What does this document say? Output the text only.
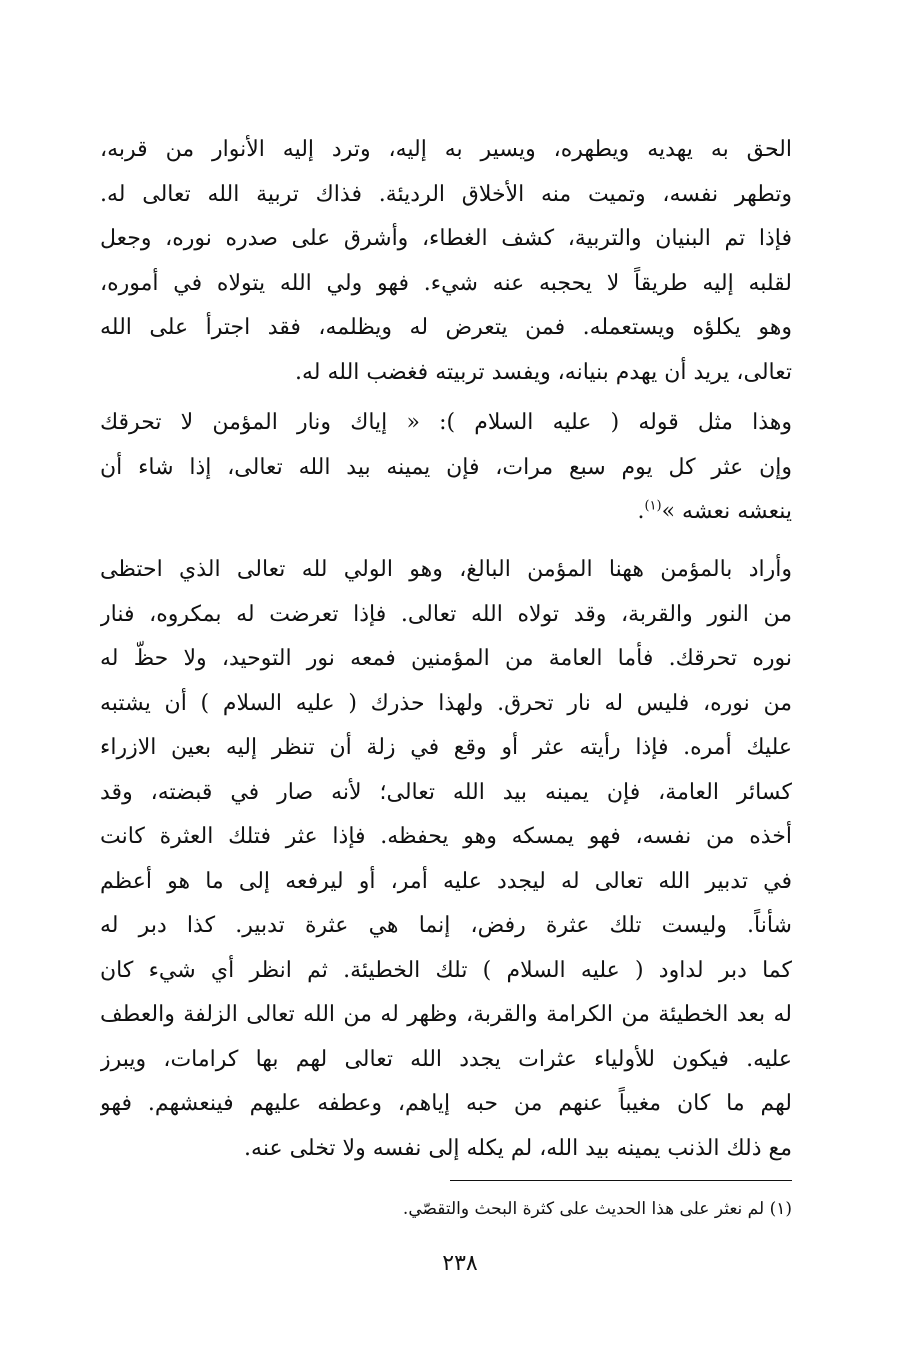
الحق به يهديه ويطهره، ويسير به إليه، وترد إليه الأنوار من قربه،
وتطهر نفسه، وتميت منه الأخلاق الرديئة. فذاك تربية الله تعالى له.
فإذا تم البنيان والتربية، كشف الغطاء، وأشرق على صدره نوره، وجعل
لقلبه إليه طريقاً لا يحجبه عنه شيء. فهو ولي الله يتولاه في أموره،
وهو يكلؤه ويستعمله. فمن يتعرض له ويظلمه، فقد اجترأ على الله
تعالى، يريد أن يهدم بنيانه، ويفسد تربيته فغضب الله له.
وهذا مثل قوله ( عليه السلام ): « إياك ونار المؤمن لا تحرقك
وإن عثر كل يوم سبع مرات، فإن يمينه بيد الله تعالى، إذا شاء أن
ينعشه نعشه »$^{(١)}$.
وأراد بالمؤمن ههنا المؤمن البالغ، وهو الولي لله تعالى الذي احتظى
من النور والقربة، وقد تولاه الله تعالى. فإذا تعرضت له بمكروه، فنار
نوره تحرقك. فأما العامة من المؤمنين فمعه نور التوحيد، ولا حظّ له
من نوره، فليس له نار تحرق. ولهذا حذرك ( عليه السلام ) أن يشتبه
عليك أمره. فإذا رأيته عثر أو وقع في زلة أن تنظر إليه بعين الازراء
كسائر العامة، فإن يمينه بيد الله تعالى؛ لأنه صار في قبضته، وقد
أخذه من نفسه، فهو يمسكه وهو يحفظه. فإذا عثر فتلك العثرة كانت
في تدبير الله تعالى له ليجدد عليه أمر، أو ليرفعه إلى ما هو أعظم
شأناً. وليست تلك عثرة رفض، إنما هي عثرة تدبير. كذا دبر له
كما دبر لداود ( عليه السلام ) تلك الخطيئة. ثم انظر أي شيء كان
له بعد الخطيئة من الكرامة والقربة، وظهر له من الله تعالى الزلفة والعطف
عليه. فيكون للأولياء عثرات يجدد الله تعالى لهم بها كرامات، ويبرز
لهم ما كان مغيباً عنهم من حبه إياهم، وعطفه عليهم فينعشهم. فهو
مع ذلك الذنب يمينه بيد الله، لم يكله إلى نفسه ولا تخلى عنه.
(١) لم نعثر على هذا الحديث على كثرة البحث والتقصّي.
٢٣٨
